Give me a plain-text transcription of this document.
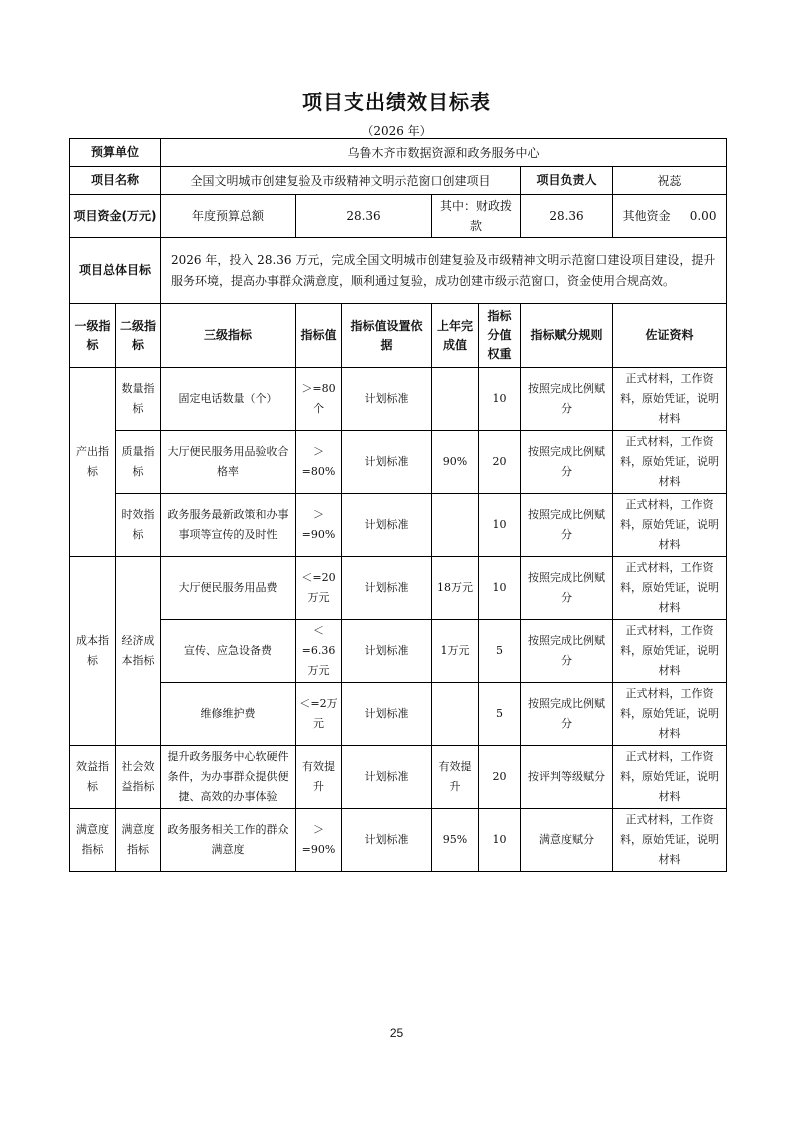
项目支出绩效目标表
（2026 年）
预算单位		乌鲁木齐市数据资源和政务服务中心						
项目名称		全国文明城市创建复验及市级精神文明示范窗口创建项目					项目负责人	祝蕊
项目资金(万元)		年度预算总额	28.36		其中：财政拨款		28.36	其他资金 0.00
项目总体目标		2026 年，投入 28.36 万元，完成全国文明城市创建复验及市级精神文明示范窗口建设项目建设，提升服务环境，提高办事群众满意度，顺利通过复验，成功创建市级示范窗口，资金使用合规高效。						
一级指标	二级指标	三级指标	指标值	指标值设置依据	上年完成值	指标分值权重	指标赋分规则	佐证资料
产出指标	数量指标	固定电话数量（个）	＞=80个	计划标准		10	按照完成比例赋分	正式材料，工作资料，原始凭证，说明材料
	质量指标	大厅便民服务用品验收合格率	＞=80%	计划标准	90%	20	按照完成比例赋分	正式材料，工作资料，原始凭证，说明材料
	时效指标	政务服务最新政策和办事事项等宣传的及时性	＞=90%	计划标准		10	按照完成比例赋分	正式材料，工作资料，原始凭证，说明材料
成本指标	经济成本指标	大厅便民服务用品费	＜=20万元	计划标准	18万元	10	按照完成比例赋分	正式材料，工作资料，原始凭证，说明材料
		宣传、应急设备费	＜=6.36万元	计划标准	1万元	5	按照完成比例赋分	正式材料，工作资料，原始凭证，说明材料
		维修维护费	＜=2万元	计划标准		5	按照完成比例赋分	正式材料，工作资料，原始凭证，说明材料
效益指标	社会效益指标	提升政务服务中心软硬件条件，为办事群众提供便捷、高效的办事体验	有效提升	计划标准	有效提升	20	按评判等级赋分	正式材料，工作资料，原始凭证，说明材料
满意度指标	满意度指标	政务服务相关工作的群众满意度	＞=90%	计划标准	95%	10	满意度赋分	正式材料，工作资料，原始凭证，说明材料
25
